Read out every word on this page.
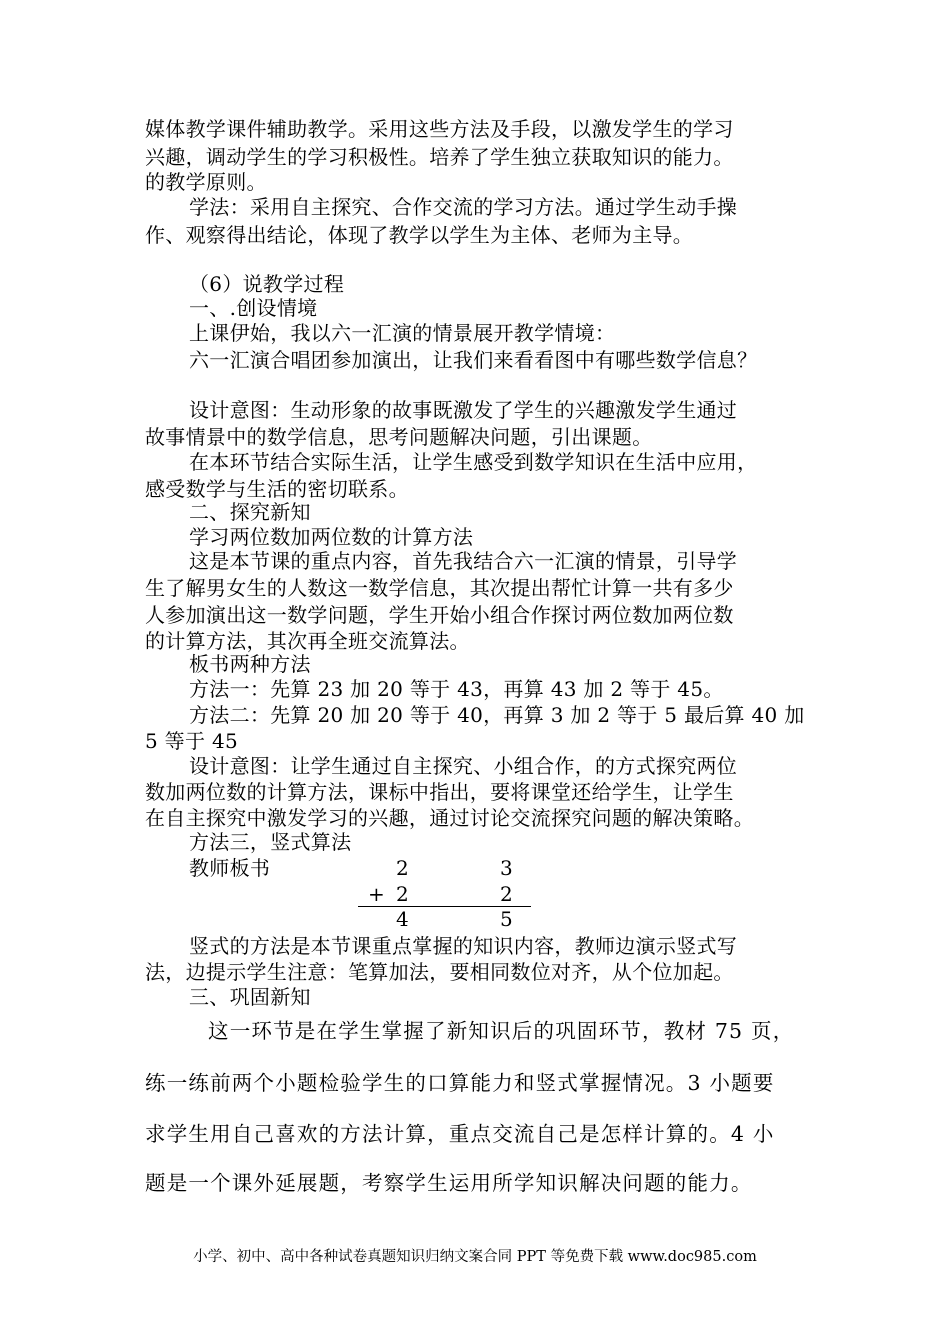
媒体教学课件辅助教学。采用这些方法及手段，以激发学生的学习
兴趣，调动学生的学习积极性。培养了学生独立获取知识的能力。
的教学原则。
学法：采用自主探究、合作交流的学习方法。通过学生动手操
作、观察得出结论，体现了教学以学生为主体、老师为主导。
（6）说教学过程
一、.创设情境
上课伊始，我以六一汇演的情景展开教学情境：
六一汇演合唱团参加演出，让我们来看看图中有哪些数学信息？
设计意图：生动形象的故事既激发了学生的兴趣激发学生通过
故事情景中的数学信息，思考问题解决问题，引出课题。
在本环节结合实际生活，让学生感受到数学知识在生活中应用，
感受数学与生活的密切联系。
二、探究新知
学习两位数加两位数的计算方法
这是本节课的重点内容，首先我结合六一汇演的情景，引导学
生了解男女生的人数这一数学信息，其次提出帮忙计算一共有多少
人参加演出这一数学问题，学生开始小组合作探讨两位数加两位数
的计算方法，其次再全班交流算法。
板书两种方法
方法一：先算 23 加 20 等于 43，再算 43 加 2 等于 45。
方法二：先算 20 加 20 等于 40，再算 3 加 2 等于 5 最后算 40 加
5 等于 45
设计意图：让学生通过自主探究、小组合作，的方式探究两位
数加两位数的计算方法，课标中指出，要将课堂还给学生，让学生
在自主探究中激发学习的兴趣，通过讨论交流探究问题的解决策略。
方法三，竖式算法
教师板书	2	3
+ 2	2
4	5
竖式的方法是本节课重点掌握的知识内容，教师边演示竖式写
法，边提示学生注意：笔算加法，要相同数位对齐，从个位加起。
三、巩固新知
这一环节是在学生掌握了新知识后的巩固环节，教材 75 页，
练一练前两个小题检验学生的口算能力和竖式掌握情况。3 小题要
求学生用自己喜欢的方法计算，重点交流自己是怎样计算的。4 小
题是一个课外延展题，考察学生运用所学知识解决问题的能力。
小学、初中、高中各种试卷真题知识归纳文案合同 PPT 等免费下载 www.doc985.com
